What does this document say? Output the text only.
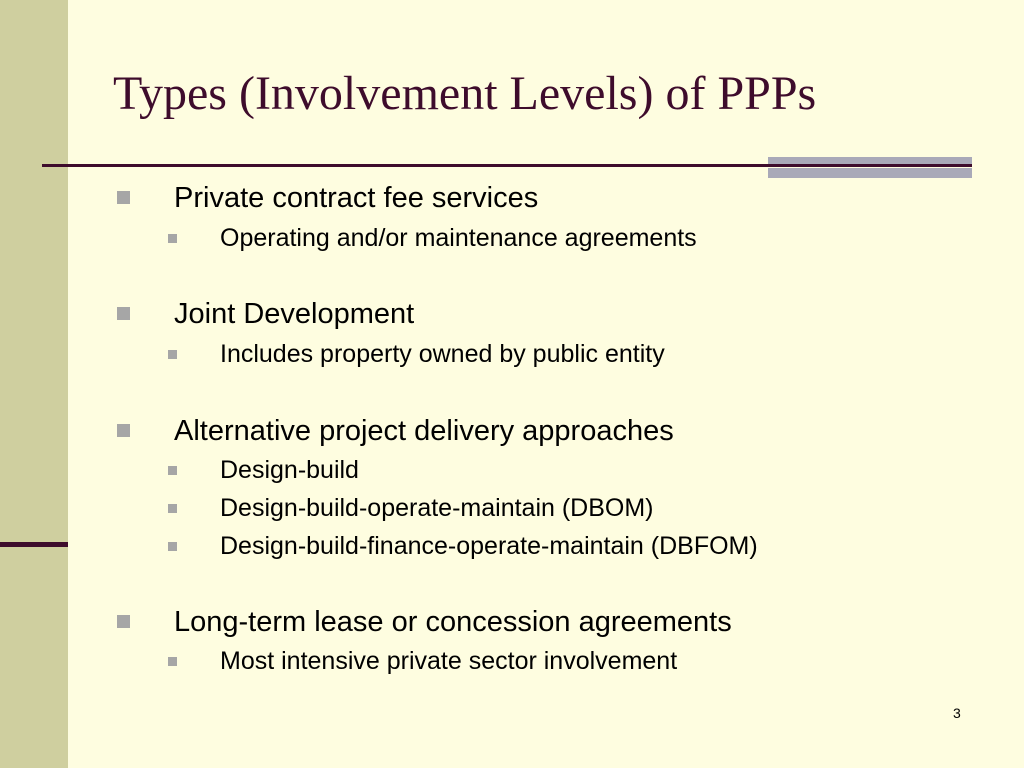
Types (Involvement Levels) of PPPs
Private contract fee services
Operating and/or maintenance agreements
Joint Development
Includes property owned by public entity
Alternative project delivery approaches
Design-build
Design-build-operate-maintain (DBOM)
Design-build-finance-operate-maintain (DBFOM)
Long-term lease or concession agreements
Most intensive private sector involvement
3
